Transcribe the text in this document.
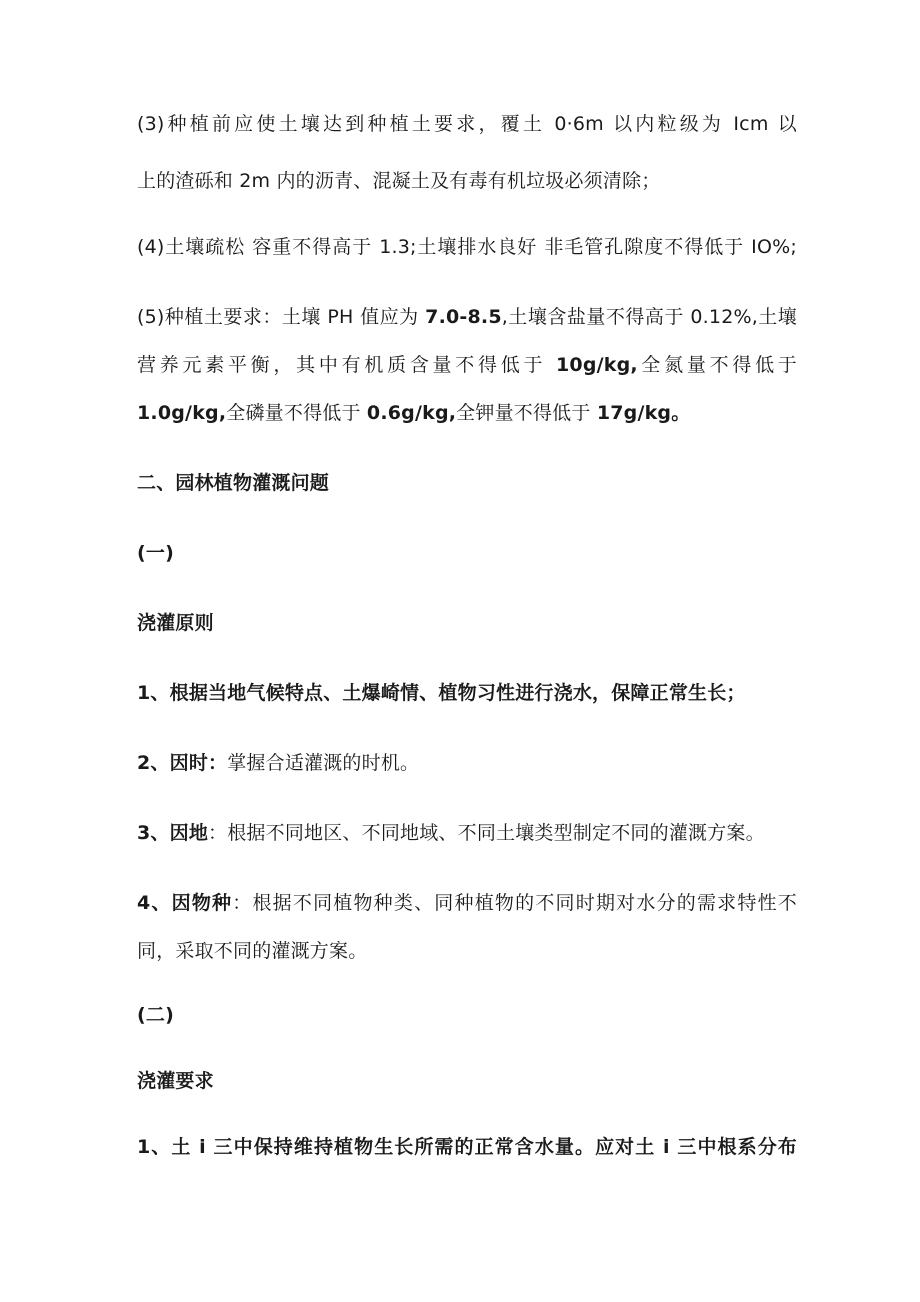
(3)种植前应使土壤达到种植土要求，覆土 0·6m 以内粒级为 Icm 以
上的渣砾和 2m 内的沥青、混凝土及有毒有机垃圾必须清除；
(4)土壤疏松 容重不得高于 1.3;土壤排水良好 非毛管孔隙度不得低于 IO%;
(5)种植土要求：土壤 PH 值应为 7.0-8.5,土壤含盐量不得高于 0.12%,土壤
营养元素平衡，其中有机质含量不得低于 10g/kg,全氮量不得低于
1.0g/kg,全磷量不得低于 0.6g/kg,全钾量不得低于 17g/kg。
二、园林植物灌溉问题
(一)
浇灌原则
1、根据当地气候特点、土爆崎情、植物习性进行浇水，保障正常生长；
2、因时：掌握合适灌溉的时机。
3、因地：根据不同地区、不同地域、不同土壤类型制定不同的灌溉方案。
4、因物种：根据不同植物种类、同种植物的不同时期对水分的需求特性不
同，采取不同的灌溉方案。
(二)
浇灌要求
1、土 i 三中保持维持植物生长所需的正常含水量。应对土 i 三中根系分布
